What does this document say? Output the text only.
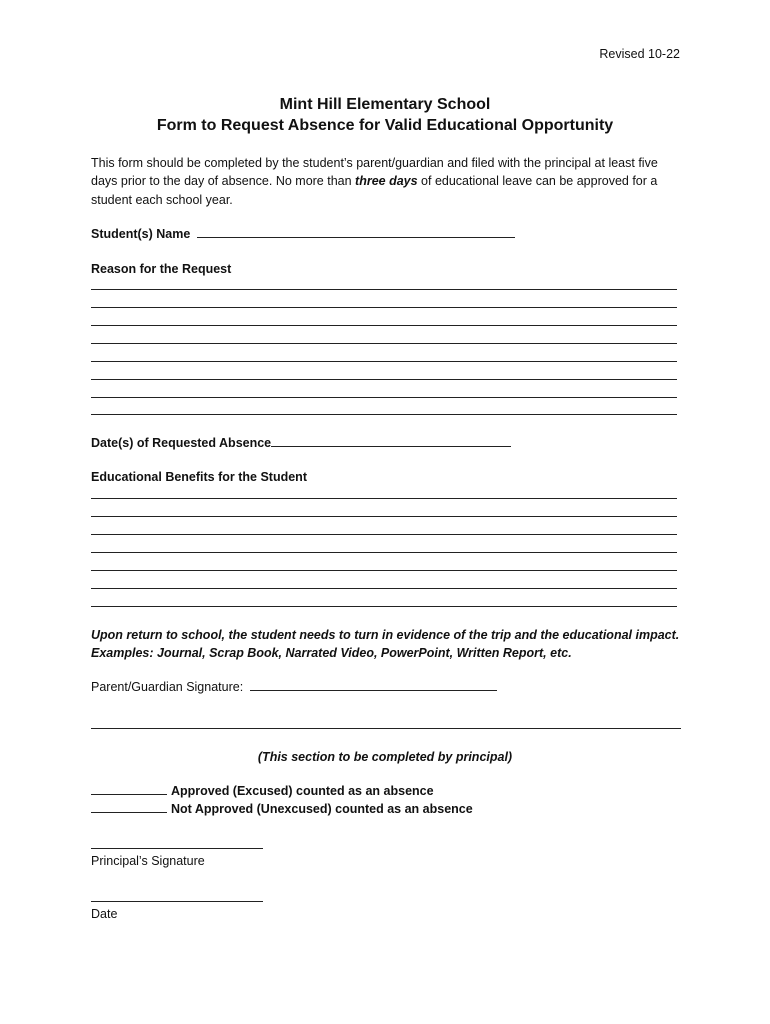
Revised 10-22
Mint Hill Elementary School
Form to Request Absence for Valid Educational Opportunity
This form should be completed by the student’s parent/guardian and filed with the principal at least five days prior to the day of absence. No more than three days of educational leave can be approved for a student each school year.
Student(s) Name
Reason for the Request
Date(s) of Requested Absence
Educational Benefits for the Student
Upon return to school, the student needs to turn in evidence of the trip and the educational impact.
Examples: Journal, Scrap Book, Narrated Video, PowerPoint, Written Report, etc.
Parent/Guardian Signature:
(This section to be completed by principal)
Approved (Excused) counted as an absence
Not Approved (Unexcused) counted as an absence
Principal’s Signature
Date
